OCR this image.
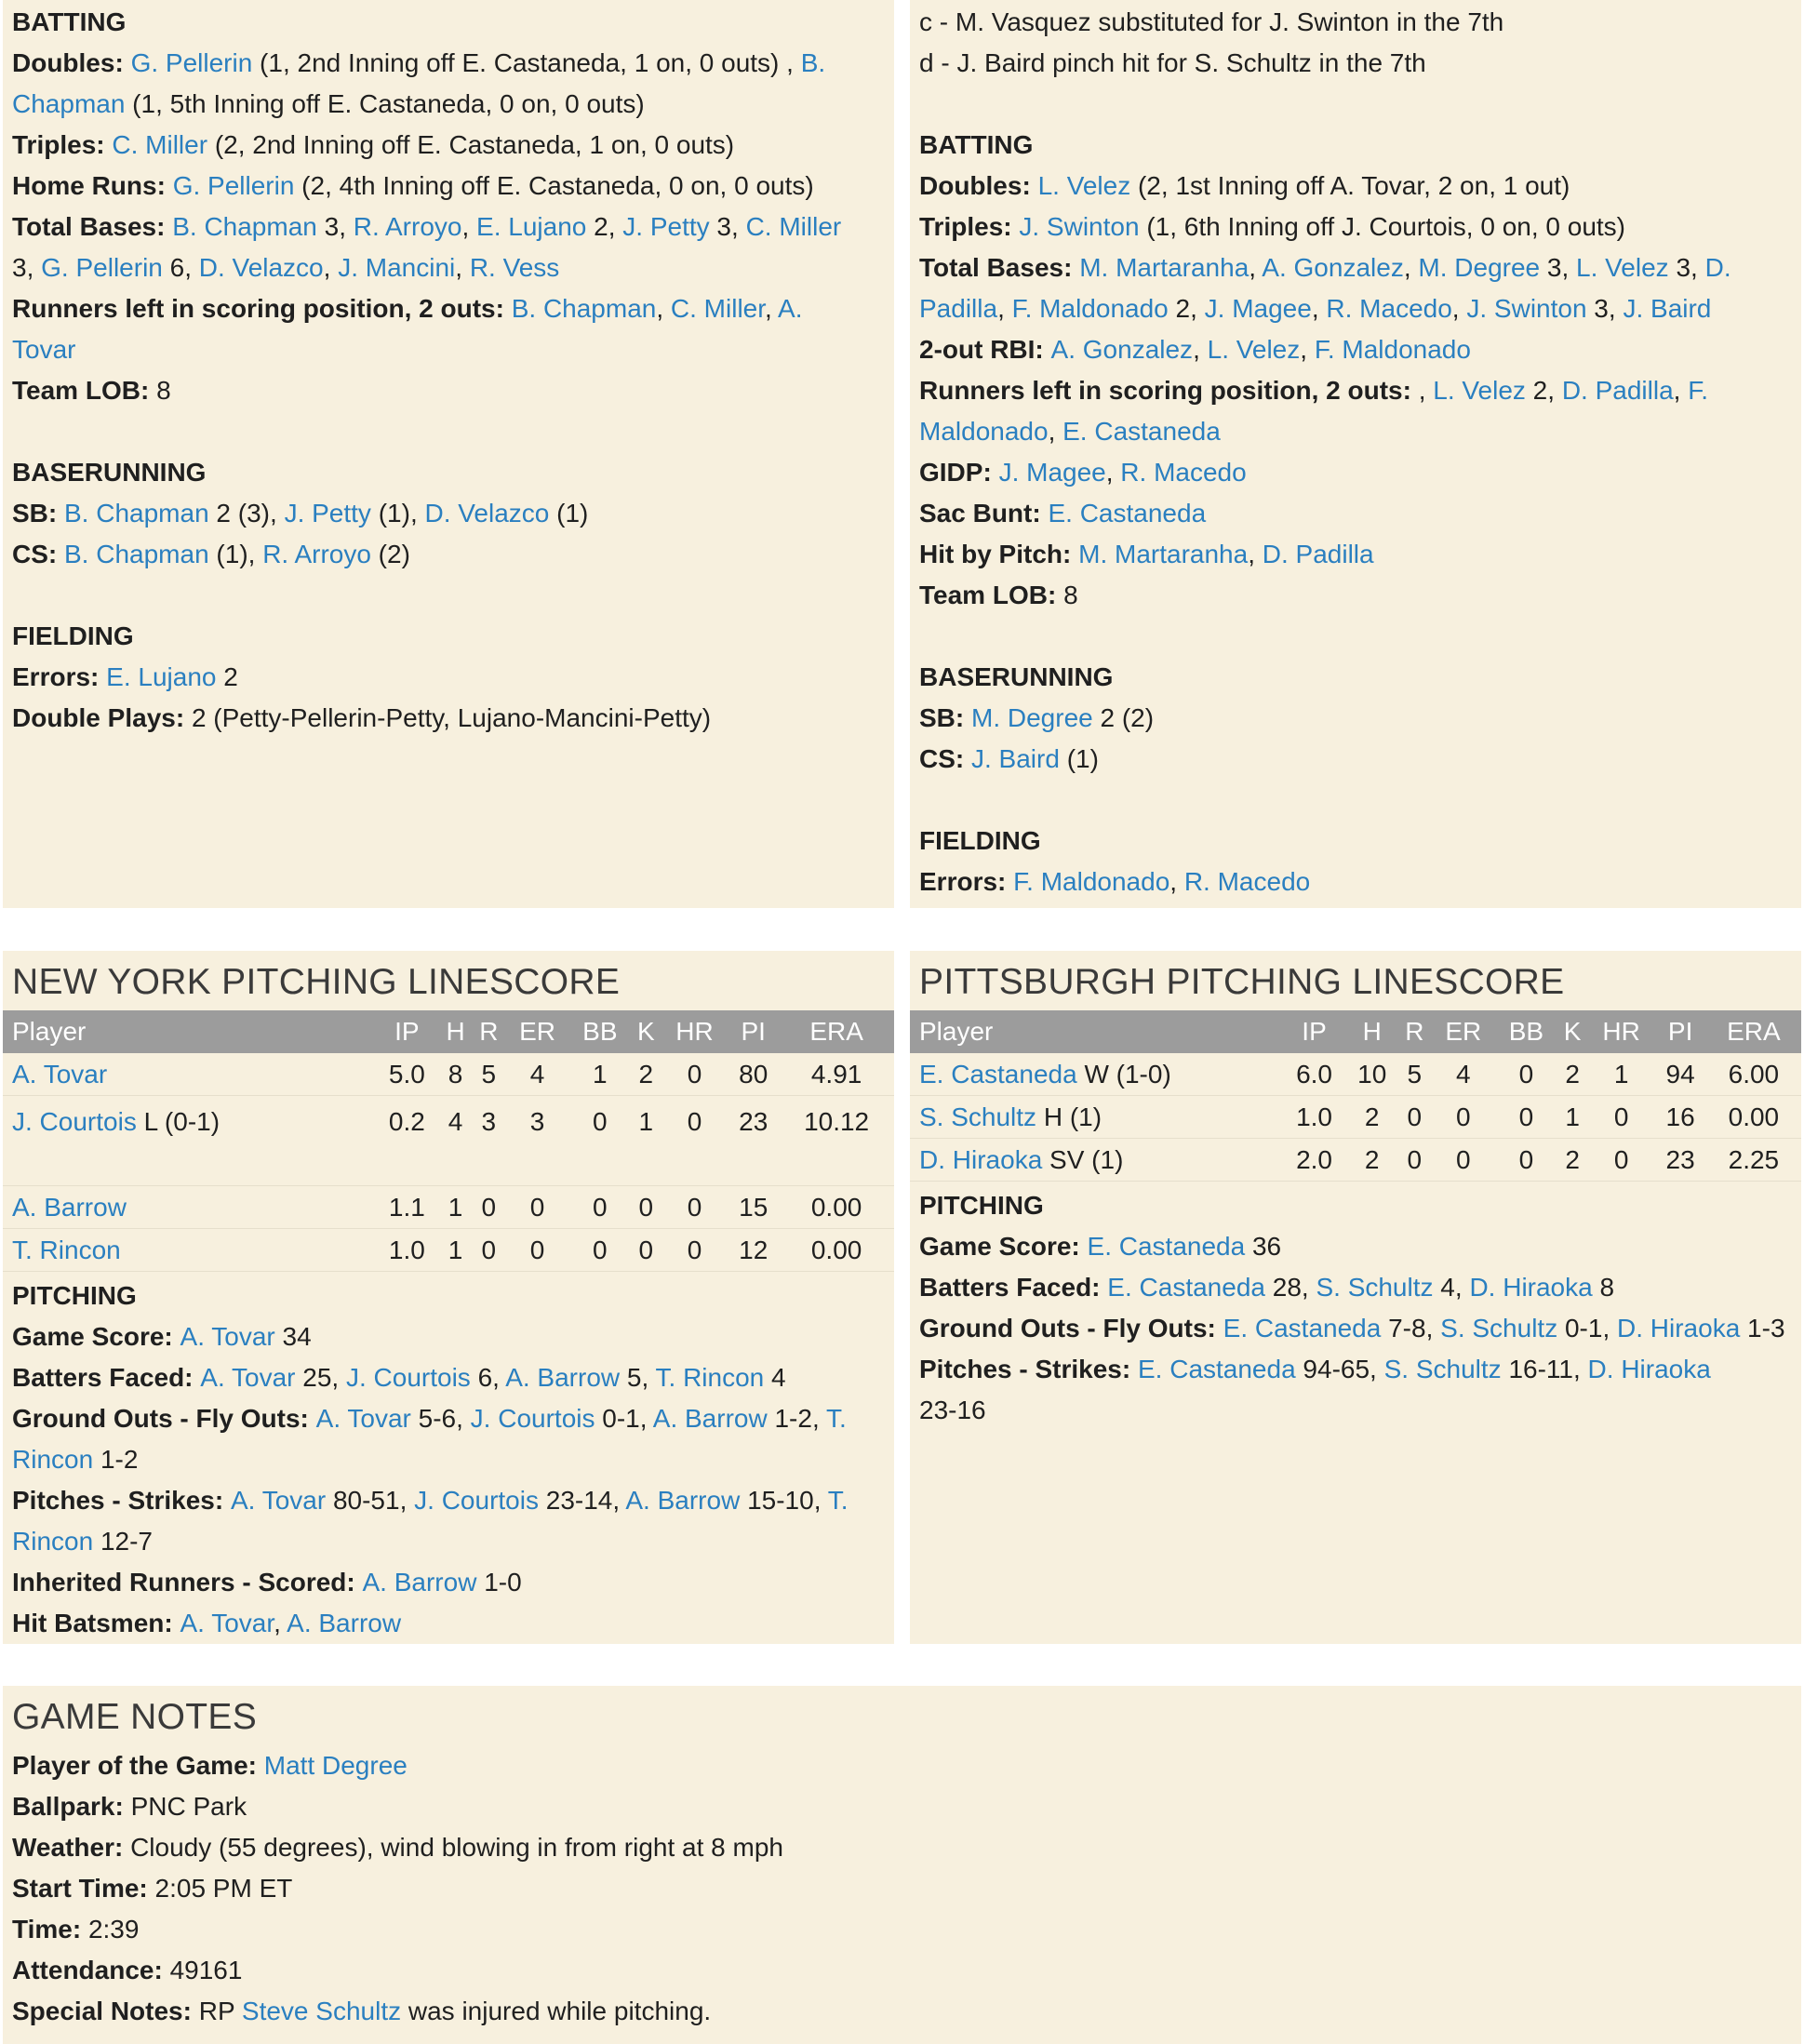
BATTING
Doubles: G. Pellerin (1, 2nd Inning off E. Castaneda, 1 on, 0 outs) , B.
Chapman (1, 5th Inning off E. Castaneda, 0 on, 0 outs)
Triples: C. Miller (2, 2nd Inning off E. Castaneda, 1 on, 0 outs)
Home Runs: G. Pellerin (2, 4th Inning off E. Castaneda, 0 on, 0 outs)
Total Bases: B. Chapman 3, R. Arroyo, E. Lujano 2, J. Petty 3, C. Miller
3, G. Pellerin 6, D. Velazco, J. Mancini, R. Vess
Runners left in scoring position, 2 outs: B. Chapman, C. Miller, A.
Tovar
Team LOB: 8
BASERUNNING
SB: B. Chapman 2 (3), J. Petty (1), D. Velazco (1)
CS: B. Chapman (1), R. Arroyo (2)
FIELDING
Errors: E. Lujano 2
Double Plays: 2 (Petty-Pellerin-Petty, Lujano-Mancini-Petty)
c - M. Vasquez substituted for J. Swinton in the 7th
d - J. Baird pinch hit for S. Schultz in the 7th
BATTING
Doubles: L. Velez (2, 1st Inning off A. Tovar, 2 on, 1 out)
Triples: J. Swinton (1, 6th Inning off J. Courtois, 0 on, 0 outs)
Total Bases: M. Martaranha, A. Gonzalez, M. Degree 3, L. Velez 3, D.
Padilla, F. Maldonado 2, J. Magee, R. Macedo, J. Swinton 3, J. Baird
2-out RBI: A. Gonzalez, L. Velez, F. Maldonado
Runners left in scoring position, 2 outs: , L. Velez 2, D. Padilla, F.
Maldonado, E. Castaneda
GIDP: J. Magee, R. Macedo
Sac Bunt: E. Castaneda
Hit by Pitch: M. Martaranha, D. Padilla
Team LOB: 8
BASERUNNING
SB: M. Degree 2 (2)
CS: J. Baird (1)
FIELDING
Errors: F. Maldonado, R. Macedo
NEW YORK PITCHING LINESCORE
Player	IP	H	R	ER	BB	K	HR	PI	ERA
A. Tovar	5.0	8	5	4	1	2	0	80	4.91
J. Courtois L (0-1)	0.2	4	3	3	0	1	0	23	10.12
A. Barrow	1.1	1	0	0	0	0	0	15	0.00
T. Rincon	1.0	1	0	0	0	0	0	12	0.00
PITCHING
Game Score: A. Tovar 34
Batters Faced: A. Tovar 25, J. Courtois 6, A. Barrow 5, T. Rincon 4
Ground Outs - Fly Outs: A. Tovar 5-6, J. Courtois 0-1, A. Barrow 1-2, T.
Rincon 1-2
Pitches - Strikes: A. Tovar 80-51, J. Courtois 23-14, A. Barrow 15-10, T.
Rincon 12-7
Inherited Runners - Scored: A. Barrow 1-0
Hit Batsmen: A. Tovar, A. Barrow
PITTSBURGH PITCHING LINESCORE
Player	IP	H	R	ER	BB	K	HR	PI	ERA
E. Castaneda W (1-0)	6.0	10	5	4	0	2	1	94	6.00
S. Schultz H (1)	1.0	2	0	0	0	1	0	16	0.00
D. Hiraoka SV (1)	2.0	2	0	0	0	2	0	23	2.25
PITCHING
Game Score: E. Castaneda 36
Batters Faced: E. Castaneda 28, S. Schultz 4, D. Hiraoka 8
Ground Outs - Fly Outs: E. Castaneda 7-8, S. Schultz 0-1, D. Hiraoka 1-3
Pitches - Strikes: E. Castaneda 94-65, S. Schultz 16-11, D. Hiraoka
23-16
GAME NOTES
Player of the Game: Matt Degree
Ballpark: PNC Park
Weather: Cloudy (55 degrees), wind blowing in from right at 8 mph
Start Time: 2:05 PM ET
Time: 2:39
Attendance: 49161
Special Notes: RP Steve Schultz was injured while pitching.
